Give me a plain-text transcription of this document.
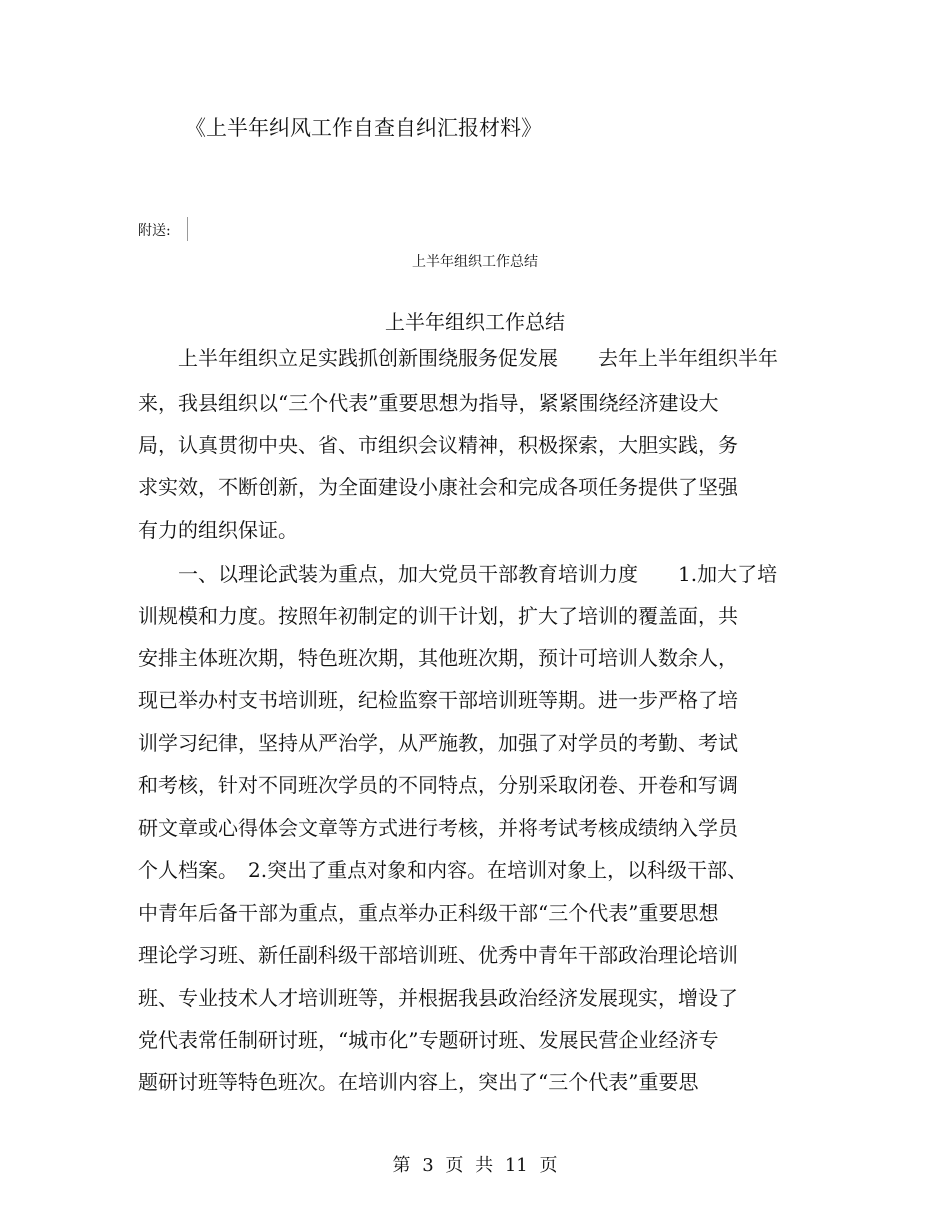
《上半年纠风工作自查自纠汇报材料》
附送:
上半年组织工作总结
上半年组织工作总结
　　上半年组织立足实践抓创新围绕服务促发展　　去年上半年组织半年
来，我县组织以“三个代表”重要思想为指导，紧紧围绕经济建设大
局，认真贯彻中央、省、市组织会议精神，积极探索，大胆实践，务
求实效，不断创新，为全面建设小康社会和完成各项任务提供了坚强
有力的组织保证。
　　一、以理论武装为重点，加大党员干部教育培训力度　　1.加大了培
训规模和力度。按照年初制定的训干计划，扩大了培训的覆盖面，共
安排主体班次期，特色班次期，其他班次期，预计可培训人数余人，
现已举办村支书培训班，纪检监察干部培训班等期。进一步严格了培
训学习纪律，坚持从严治学，从严施教，加强了对学员的考勤、考试
和考核，针对不同班次学员的不同特点，分别采取闭卷、开卷和写调
研文章或心得体会文章等方式进行考核，并将考试考核成绩纳入学员
个人档案。　2.突出了重点对象和内容。在培训对象上，以科级干部、
中青年后备干部为重点，重点举办正科级干部“三个代表”重要思想
理论学习班、新任副科级干部培训班、优秀中青年干部政治理论培训
班、专业技术人才培训班等，并根据我县政治经济发展现实，增设了
党代表常任制研讨班，“城市化”专题研讨班、发展民营企业经济专
题研讨班等特色班次。在培训内容上，突出了“三个代表”重要思
第 3 页 共 11 页
